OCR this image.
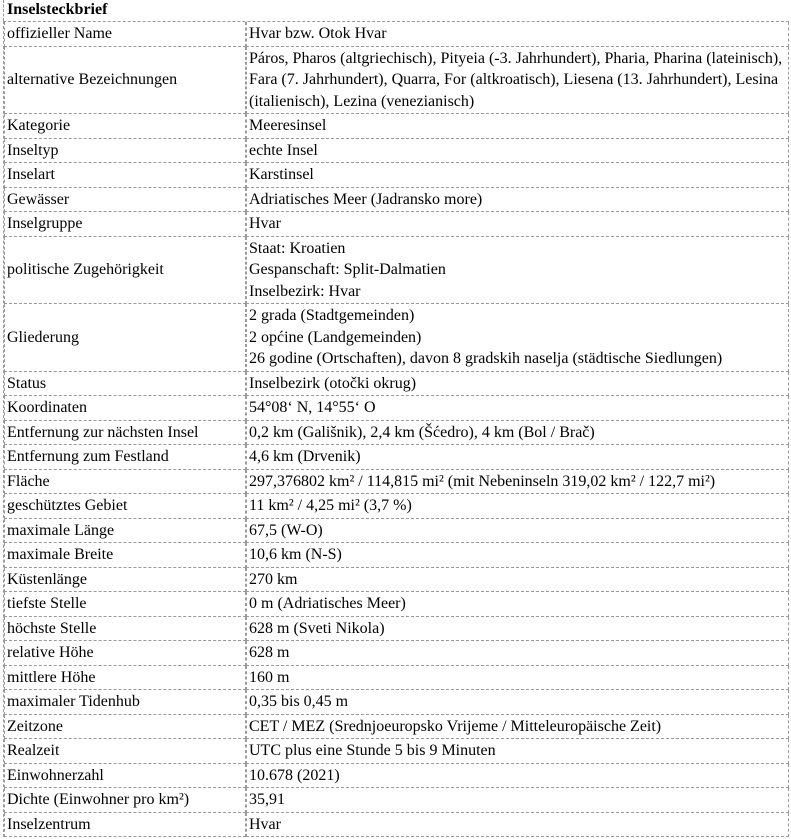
Inselsteckbrief
offizieller Name	Hvar bzw. Otok Hvar

alternative Bezeichnungen	Páros, Pharos (altgriechisch), Pityeia (-3. Jahrhundert), Pharia, Pharina (lateinisch), Fara (7. Jahrhundert), Quarra, For (altkroatisch), Liesena (13. Jahrhundert), Lesina (italienisch), Lezina (venezianisch)

Kategorie	Meeresinsel

Inseltyp	echte Insel

Inselart	Karstinsel

Gewässer	Adriatisches Meer (Jadransko more)

Inselgruppe	Hvar

politische Zugehörigkeit	Staat: Kroatien
Gespanschaft: Split-Dalmatien
Inselbezirk: Hvar

Gliederung	2 grada (Stadtgemeinden)
2 općine (Landgemeinden)
26 godine (Ortschaften), davon 8 gradskih naselja (städtische Siedlungen)

Status	Inselbezirk (otočki okrug)

Koordinaten	54°08‘ N, 14°55‘ O

Entfernung zur nächsten Insel	0,2 km (Gališnik), 2,4 km (Šćedro), 4 km (Bol / Brač)

Entfernung zum Festland	4,6 km (Drvenik)

Fläche	297,376802 km² / 114,815 mi² (mit Nebeninseln 319,02 km² / 122,7 mi²)

geschütztes Gebiet	11 km² / 4,25 mi² (3,7 %)

maximale Länge	67,5 (W-O)

maximale Breite	10,6 km (N-S)

Küstenlänge	270 km

tiefste Stelle	0 m (Adriatisches Meer)

höchste Stelle	628 m (Sveti Nikola)

relative Höhe	628 m

mittlere Höhe	160 m

maximaler Tidenhub	0,35 bis 0,45 m

Zeitzone	CET / MEZ (Srednjoeuropsko Vrijeme / Mitteleuropäische Zeit)

Realzeit	UTC plus eine Stunde 5 bis 9 Minuten

Einwohnerzahl	10.678 (2021)

Dichte (Einwohner pro km²)	35,91

Inselzentrum	Hvar
